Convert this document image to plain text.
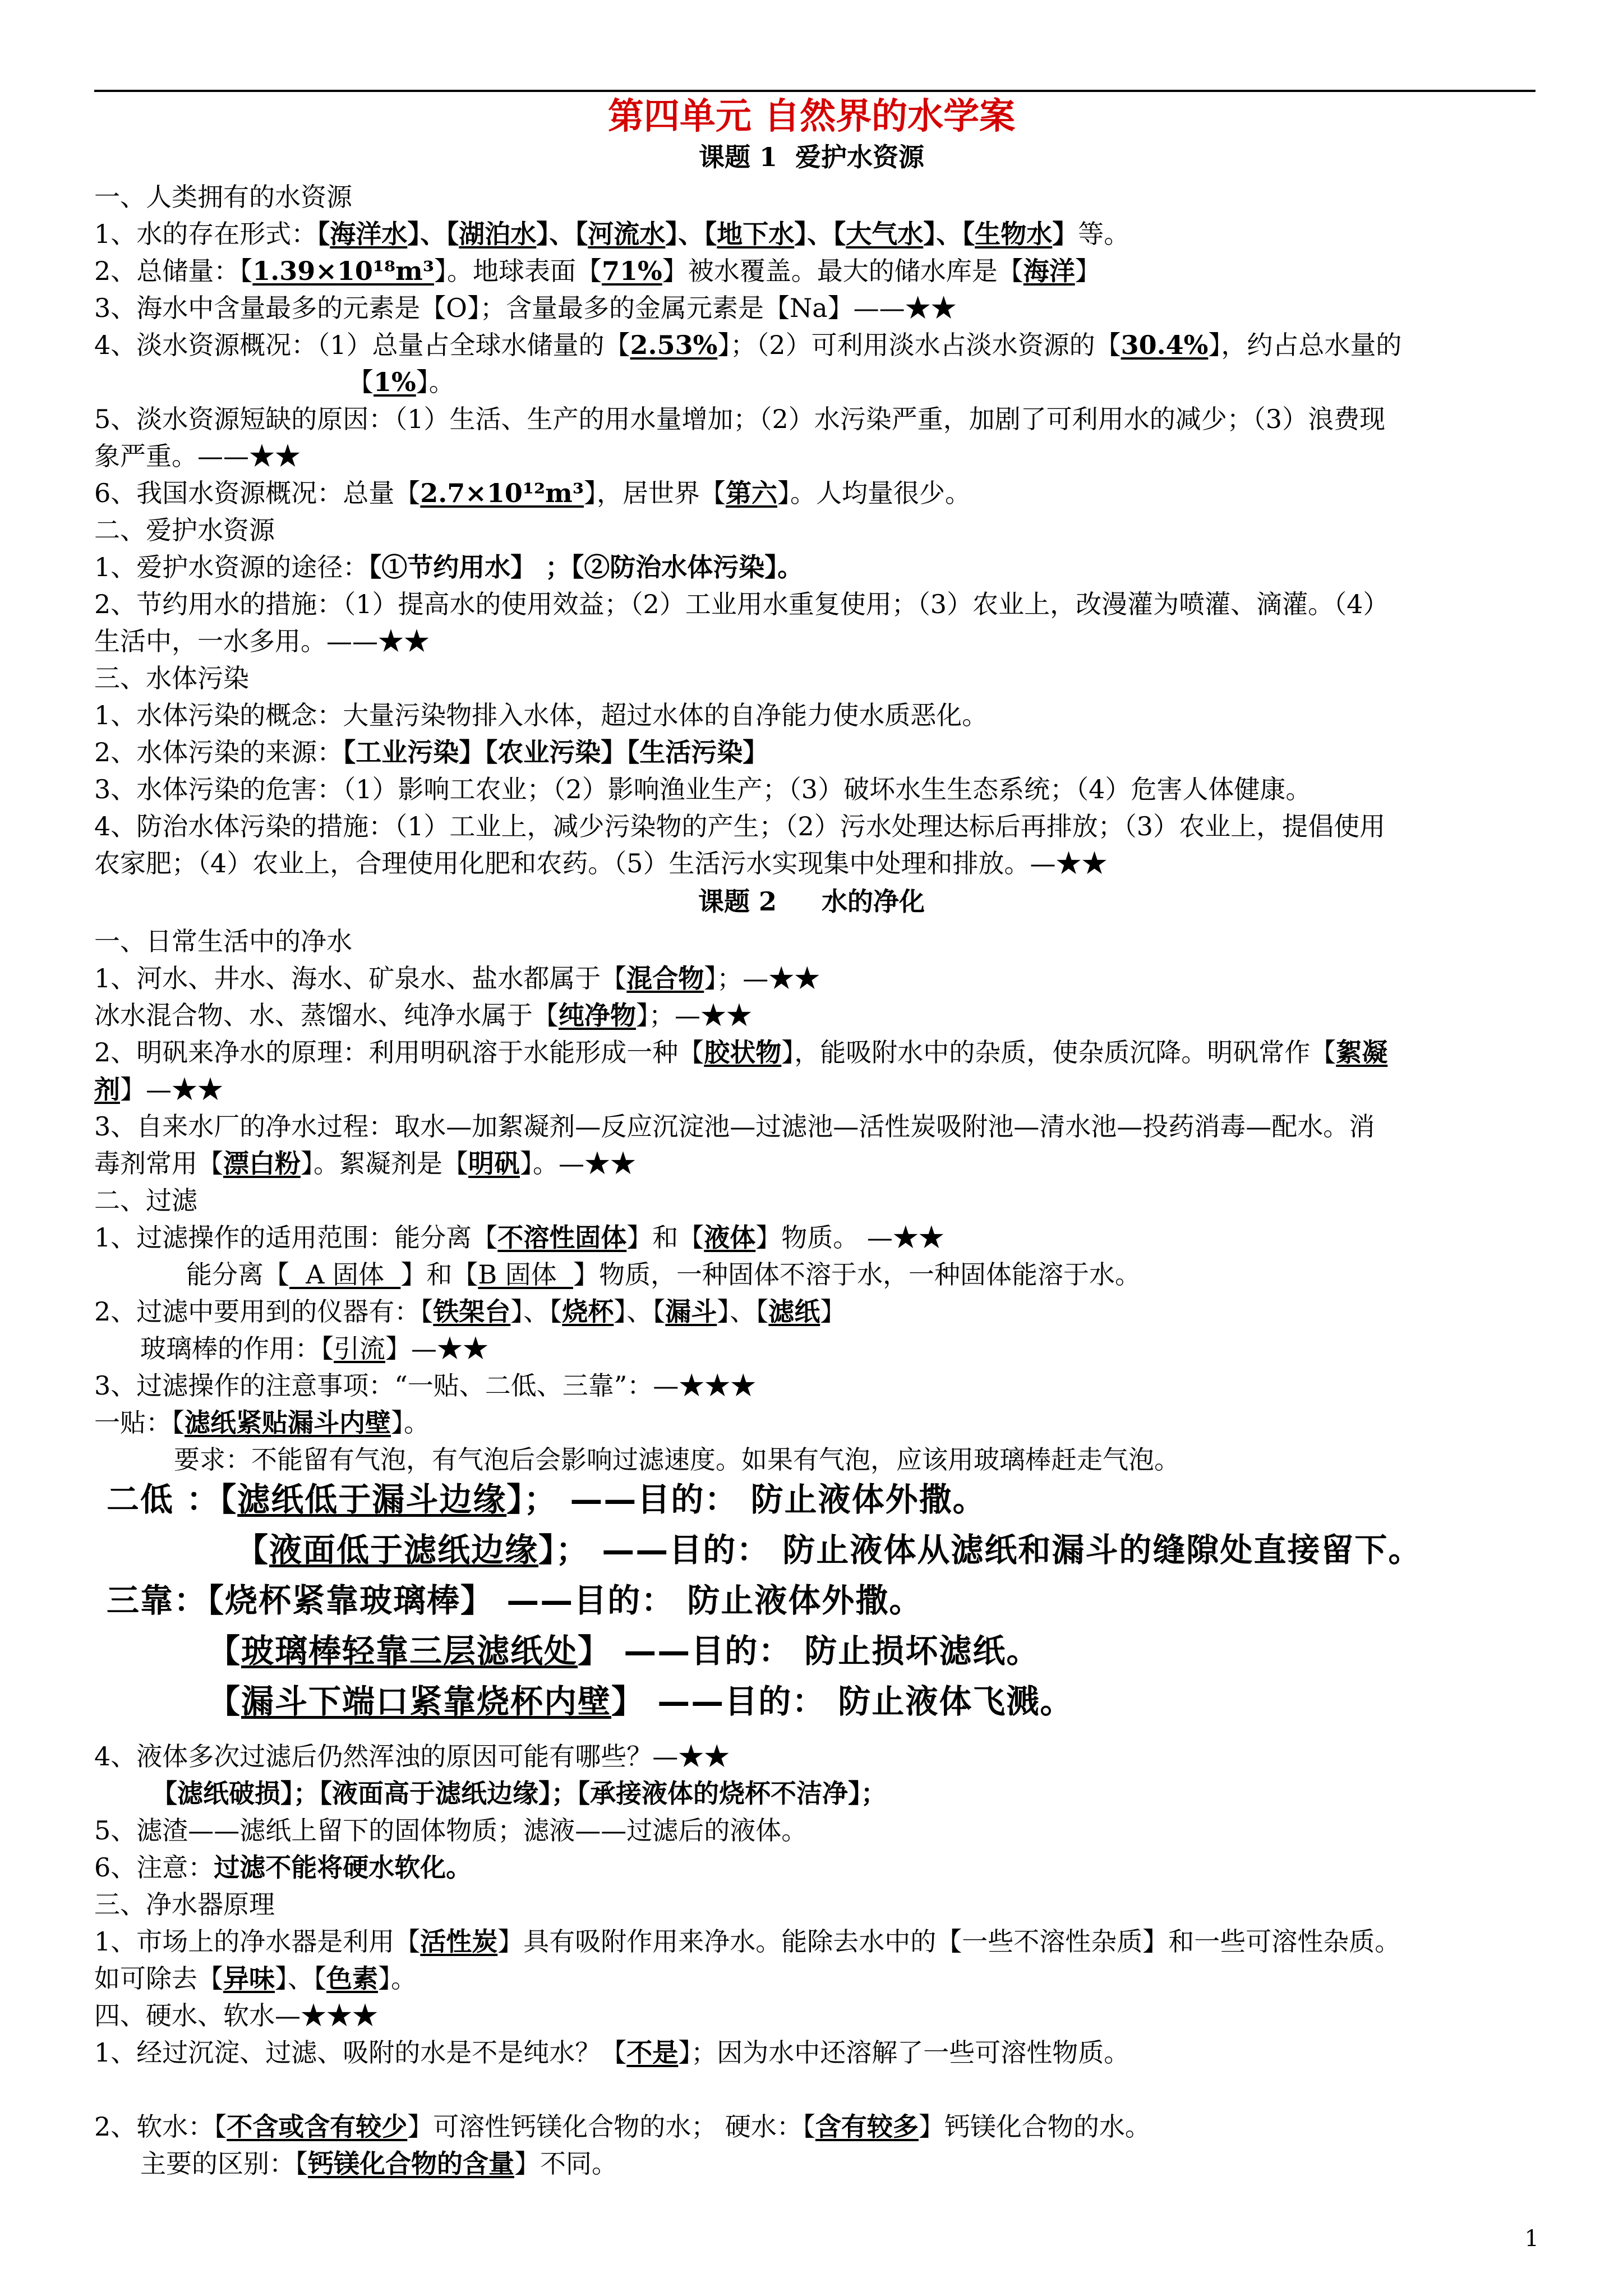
第四单元 自然界的水学案
课题 1  爱护水资源
一、人类拥有的水资源
1、水的存在形式：【海洋水】、【湖泊水】、【河流水】、【地下水】、【大气水】、【生物水】等。
2、总储量：【1.39×10¹⁸m³】。地球表面【71%】被水覆盖。最大的储水库是【海洋】
3、海水中含量最多的元素是【O】；含量最多的金属元素是【Na】——★★
4、淡水资源概况：（1）总量占全球水储量的【2.53%】；（2）可利用淡水占淡水资源的【30.4%】，约占总水量的
【1%】。
5、淡水资源短缺的原因：（1）生活、生产的用水量增加；（2）水污染严重，加剧了可利用水的减少；（3）浪费现
象严重。——★★
6、我国水资源概况：总量【2.7×10¹²m³】，居世界【第六】。人均量很少。
二、爱护水资源
1、爱护水资源的途径：【①节约用水】 ；【②防治水体污染】。
2、节约用水的措施：（1）提高水的使用效益；（2）工业用水重复使用；（3）农业上，改漫灌为喷灌、滴灌。（4）
生活中，一水多用。——★★
三、水体污染
1、水体污染的概念：大量污染物排入水体，超过水体的自净能力使水质恶化。
2、水体污染的来源：【工业污染】【农业污染】【生活污染】
3、水体污染的危害：（1）影响工农业；（2）影响渔业生产；（3）破坏水生生态系统；（4）危害人体健康。
4、防治水体污染的措施：（1）工业上，减少污染物的产生；（2）污水处理达标后再排放；（3）农业上，提倡使用
农家肥；（4）农业上，合理使用化肥和农药。（5）生活污水实现集中处理和排放。—★★
课题 2     水的净化
一、日常生活中的净水
1、河水、井水、海水、矿泉水、盐水都属于【混合物】；—★★
冰水混合物、水、蒸馏水、纯净水属于【纯净物】；—★★
2、明矾来净水的原理：利用明矾溶于水能形成一种【胶状物】，能吸附水中的杂质，使杂质沉降。明矾常作【絮凝
剂】—★★
3、自来水厂的净水过程：取水—加絮凝剂—反应沉淀池—过滤池—活性炭吸附池—清水池—投药消毒—配水。消
毒剂常用【漂白粉】。絮凝剂是【明矾】。—★★
二、过滤
1、过滤操作的适用范围：能分离【不溶性固体】和【液体】物质。 —★★
能分离【  A 固体  】和【B 固体  】物质，一种固体不溶于水，一种固体能溶于水。
2、过滤中要用到的仪器有：【铁架台】、【烧杯】、【漏斗】、【滤纸】
玻璃棒的作用：【引流】—★★
3、过滤操作的注意事项：“一贴、二低、三靠”：—★★★
一贴：【滤纸紧贴漏斗内壁】。
要求：不能留有气泡，有气泡后会影响过滤速度。如果有气泡，应该用玻璃棒赶走气泡。
二低 ：【滤纸低于漏斗边缘】； ——目的： 防止液体外撒。
【液面低于滤纸边缘】； ——目的： 防止液体从滤纸和漏斗的缝隙处直接留下。
三靠：【烧杯紧靠玻璃棒】 ——目的： 防止液体外撒。
【玻璃棒轻靠三层滤纸处】 ——目的： 防止损坏滤纸。
【漏斗下端口紧靠烧杯内壁】 ——目的： 防止液体飞溅。
4、液体多次过滤后仍然浑浊的原因可能有哪些？—★★
【滤纸破损】；【液面高于滤纸边缘】；【承接液体的烧杯不洁净】；
5、滤渣——滤纸上留下的固体物质；滤液——过滤后的液体。
6、注意：过滤不能将硬水软化。
三、净水器原理
1、市场上的净水器是利用【活性炭】具有吸附作用来净水。能除去水中的【一些不溶性杂质】和一些可溶性杂质。
如可除去【异味】、【色素】。
四、硬水、软水—★★★
1、经过沉淀、过滤、吸附的水是不是纯水？【不是】；因为水中还溶解了一些可溶性物质。
2、软水：【不含或含有较少】可溶性钙镁化合物的水； 硬水：【含有较多】钙镁化合物的水。
主要的区别：【钙镁化合物的含量】不同。
1
